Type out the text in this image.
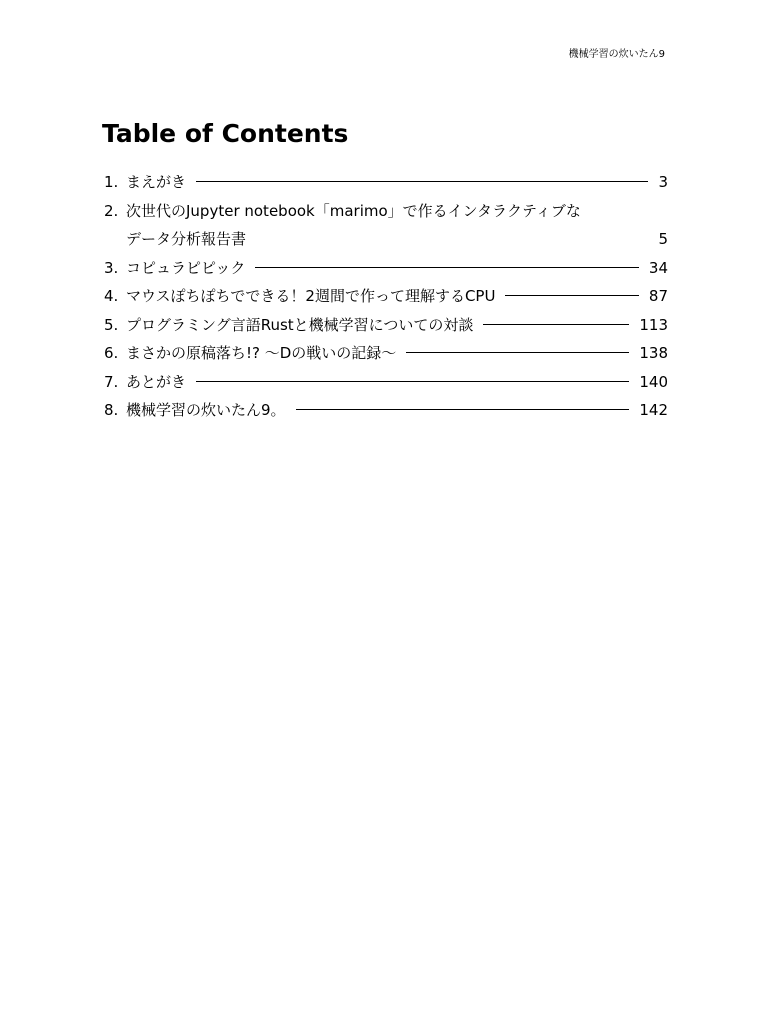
機械学習の炊いたん9
Table of Contents
1. まえがき	3
2. 次世代のJupyter notebook「marimo」で作るインタラクティブな
データ分析報告書	5
3. コピュラピピック	34
4. マウスぽちぽちでできる！2週間で作って理解するCPU	87
5. プログラミング言語Rustと機械学習についての対談	113
6. まさかの原稿落ち!? 〜Dの戦いの記録〜	138
7. あとがき	140
8. 機械学習の炊いたん9。	142
